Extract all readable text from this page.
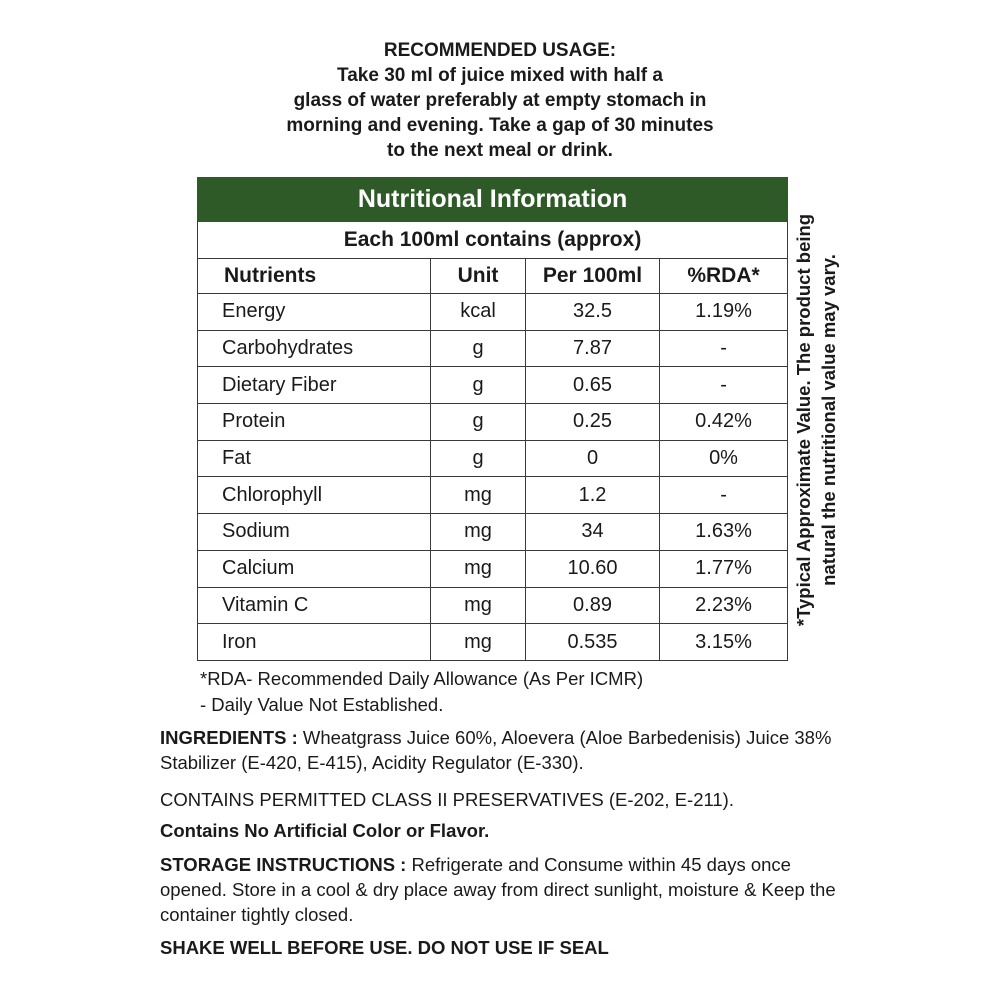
RECOMMENDED USAGE:
Take 30 ml of juice mixed with half a
glass of water preferably at empty stomach in
morning and evening. Take a gap of 30 minutes
to the next meal or drink.
Nutritional Information			
Each 100ml contains (approx)			
Nutrients	Unit	Per 100ml	%RDA*
Energy	kcal	32.5	1.19%
Carbohydrates	g	7.87	-
Dietary Fiber	g	0.65	-
Protein	g	0.25	0.42%
Fat	g	0	0%
Chlorophyll	mg	1.2	-
Sodium	mg	34	1.63%
Calcium	mg	10.60	1.77%
Vitamin C	mg	0.89	2.23%
Iron	mg	0.535	3.15%
*Typical Approximate Value. The product being natural the nutritional value may vary.
*RDA- Recommended Daily Allowance (As Per ICMR)
- Daily Value Not Established.
INGREDIENTS : Wheatgrass Juice 60%, Aloevera (Aloe Barbedenisis) Juice 38% Stabilizer (E-420, E-415), Acidity Regulator (E-330).
CONTAINS PERMITTED CLASS II PRESERVATIVES (E-202, E-211).
Contains No Artificial Color or Flavor.
STORAGE INSTRUCTIONS : Refrigerate and Consume within 45 days once opened. Store in a cool & dry place away from direct sunlight, moisture & Keep the container tightly closed.
SHAKE WELL BEFORE USE. DO NOT USE IF SEAL
